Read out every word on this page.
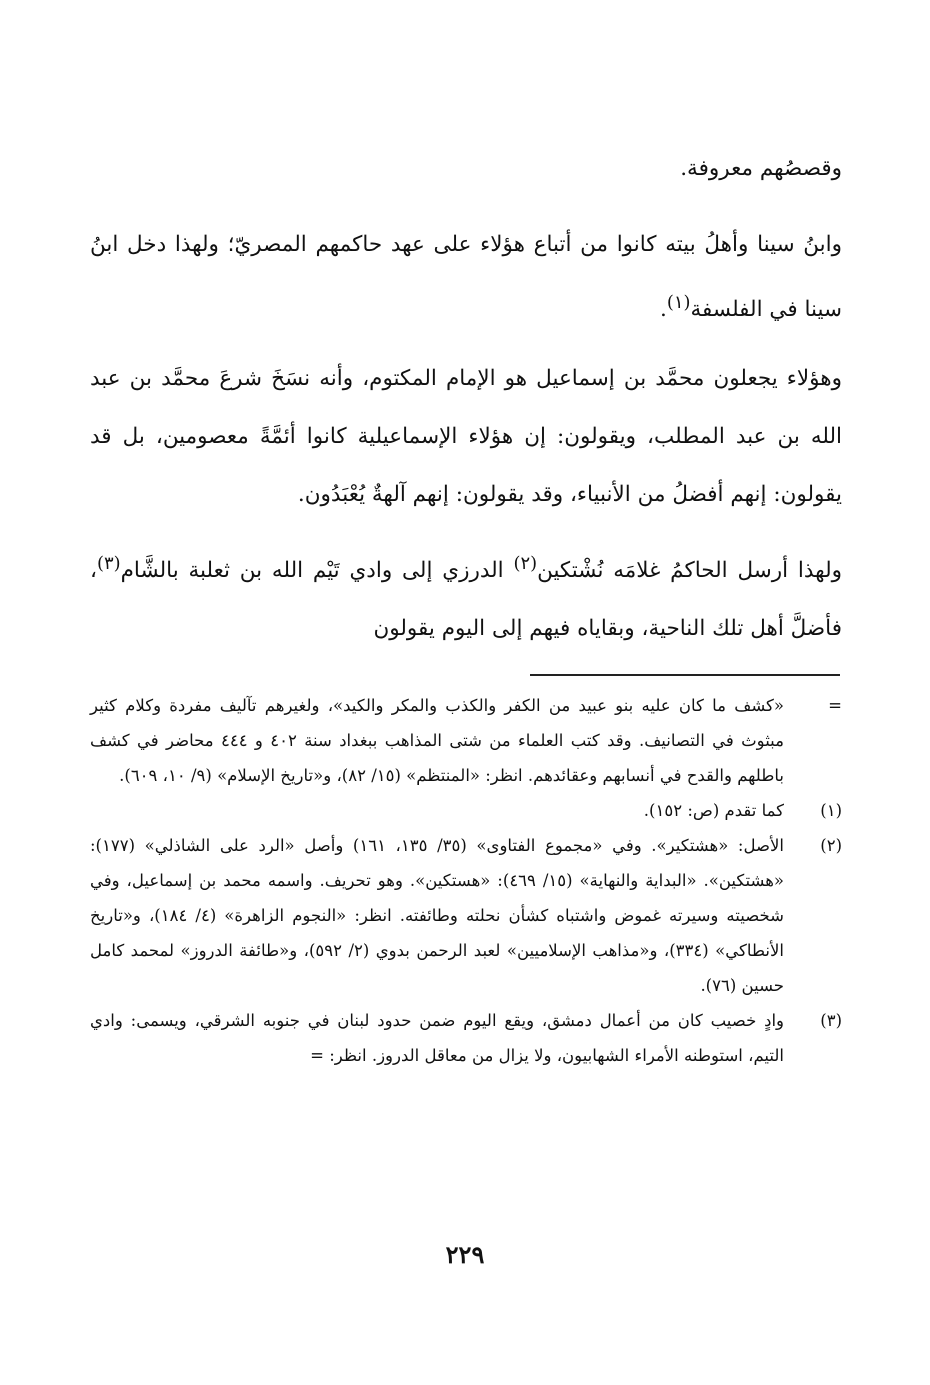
وقصصُهم معروفة.

وابنُ سينا وأهلُ بيته كانوا من أتباع هؤلاء على عهد حاكمهم المصريّ؛ ولهذا دخل ابنُ سينا في الفلسفة$^{(١)}$.

وهؤلاء يجعلون محمَّد بن إسماعيل هو الإمام المكتوم، وأنه نسَخَ شرعَ محمَّد بن عبد الله بن عبد المطلب، ويقولون: إن هؤلاء الإسماعيلية كانوا أئمَّةً معصومين، بل قد يقولون: إنهم أفضلُ من الأنبياء، وقد يقولون: إنهم آلهةٌ يُعْبَدُون.

ولهذا أرسل الحاكمُ غلامَه نُشْتكين$^{(٢)}$ الدرزي إلى وادي تَيْم الله بن ثعلبة بالشَّام$^{(٣)}$، فأضلَّ أهل تلك الناحية، وبقاياه فيهم إلى اليوم يقولون

=
«كشف ما كان عليه بنو عبيد من الكفر والكذب والمكر والكيد»، ولغيرهم تآليف مفردة وكلام كثير مبثوث في التصانيف. وقد كتب العلماء من شتى المذاهب ببغداد سنة ٤٠٢ و ٤٤٤ محاضر في كشف باطلهم والقدح في أنسابهم وعقائدهم. انظر: «المنتظم» (١٥/ ٨٢)، و«تاريخ الإسلام» (٩/ ١٠، ٦٠٩).

(١)
كما تقدم (ص: ١٥٢).

(٢)
الأصل: «هشتكير». وفي «مجموع الفتاوى» (٣٥/ ١٣٥، ١٦١) وأصل «الرد على الشاذلي» (١٧٧): «هشتكين». «البداية والنهاية» (١٥/ ٤٦٩): «هستكين». وهو تحريف. واسمه محمد بن إسماعيل، وفي شخصيته وسيرته غموض واشتباه كشأن نحلته وطائفته. انظر: «النجوم الزاهرة» (٤/ ١٨٤)، و«تاريخ الأنطاكي» (٣٣٤)، و«مذاهب الإسلاميين» لعبد الرحمن بدوي (٢/ ٥٩٢)، و«طائفة الدروز» لمحمد كامل حسين (٧٦).

(٣)
وادٍ خصيب كان من أعمال دمشق، ويقع اليوم ضمن حدود لبنان في جنوبه الشرقي، ويسمى: وادي التيم، استوطنه الأمراء الشهابيون، ولا يزال من معاقل الدروز. انظر: =

٢٢٩
